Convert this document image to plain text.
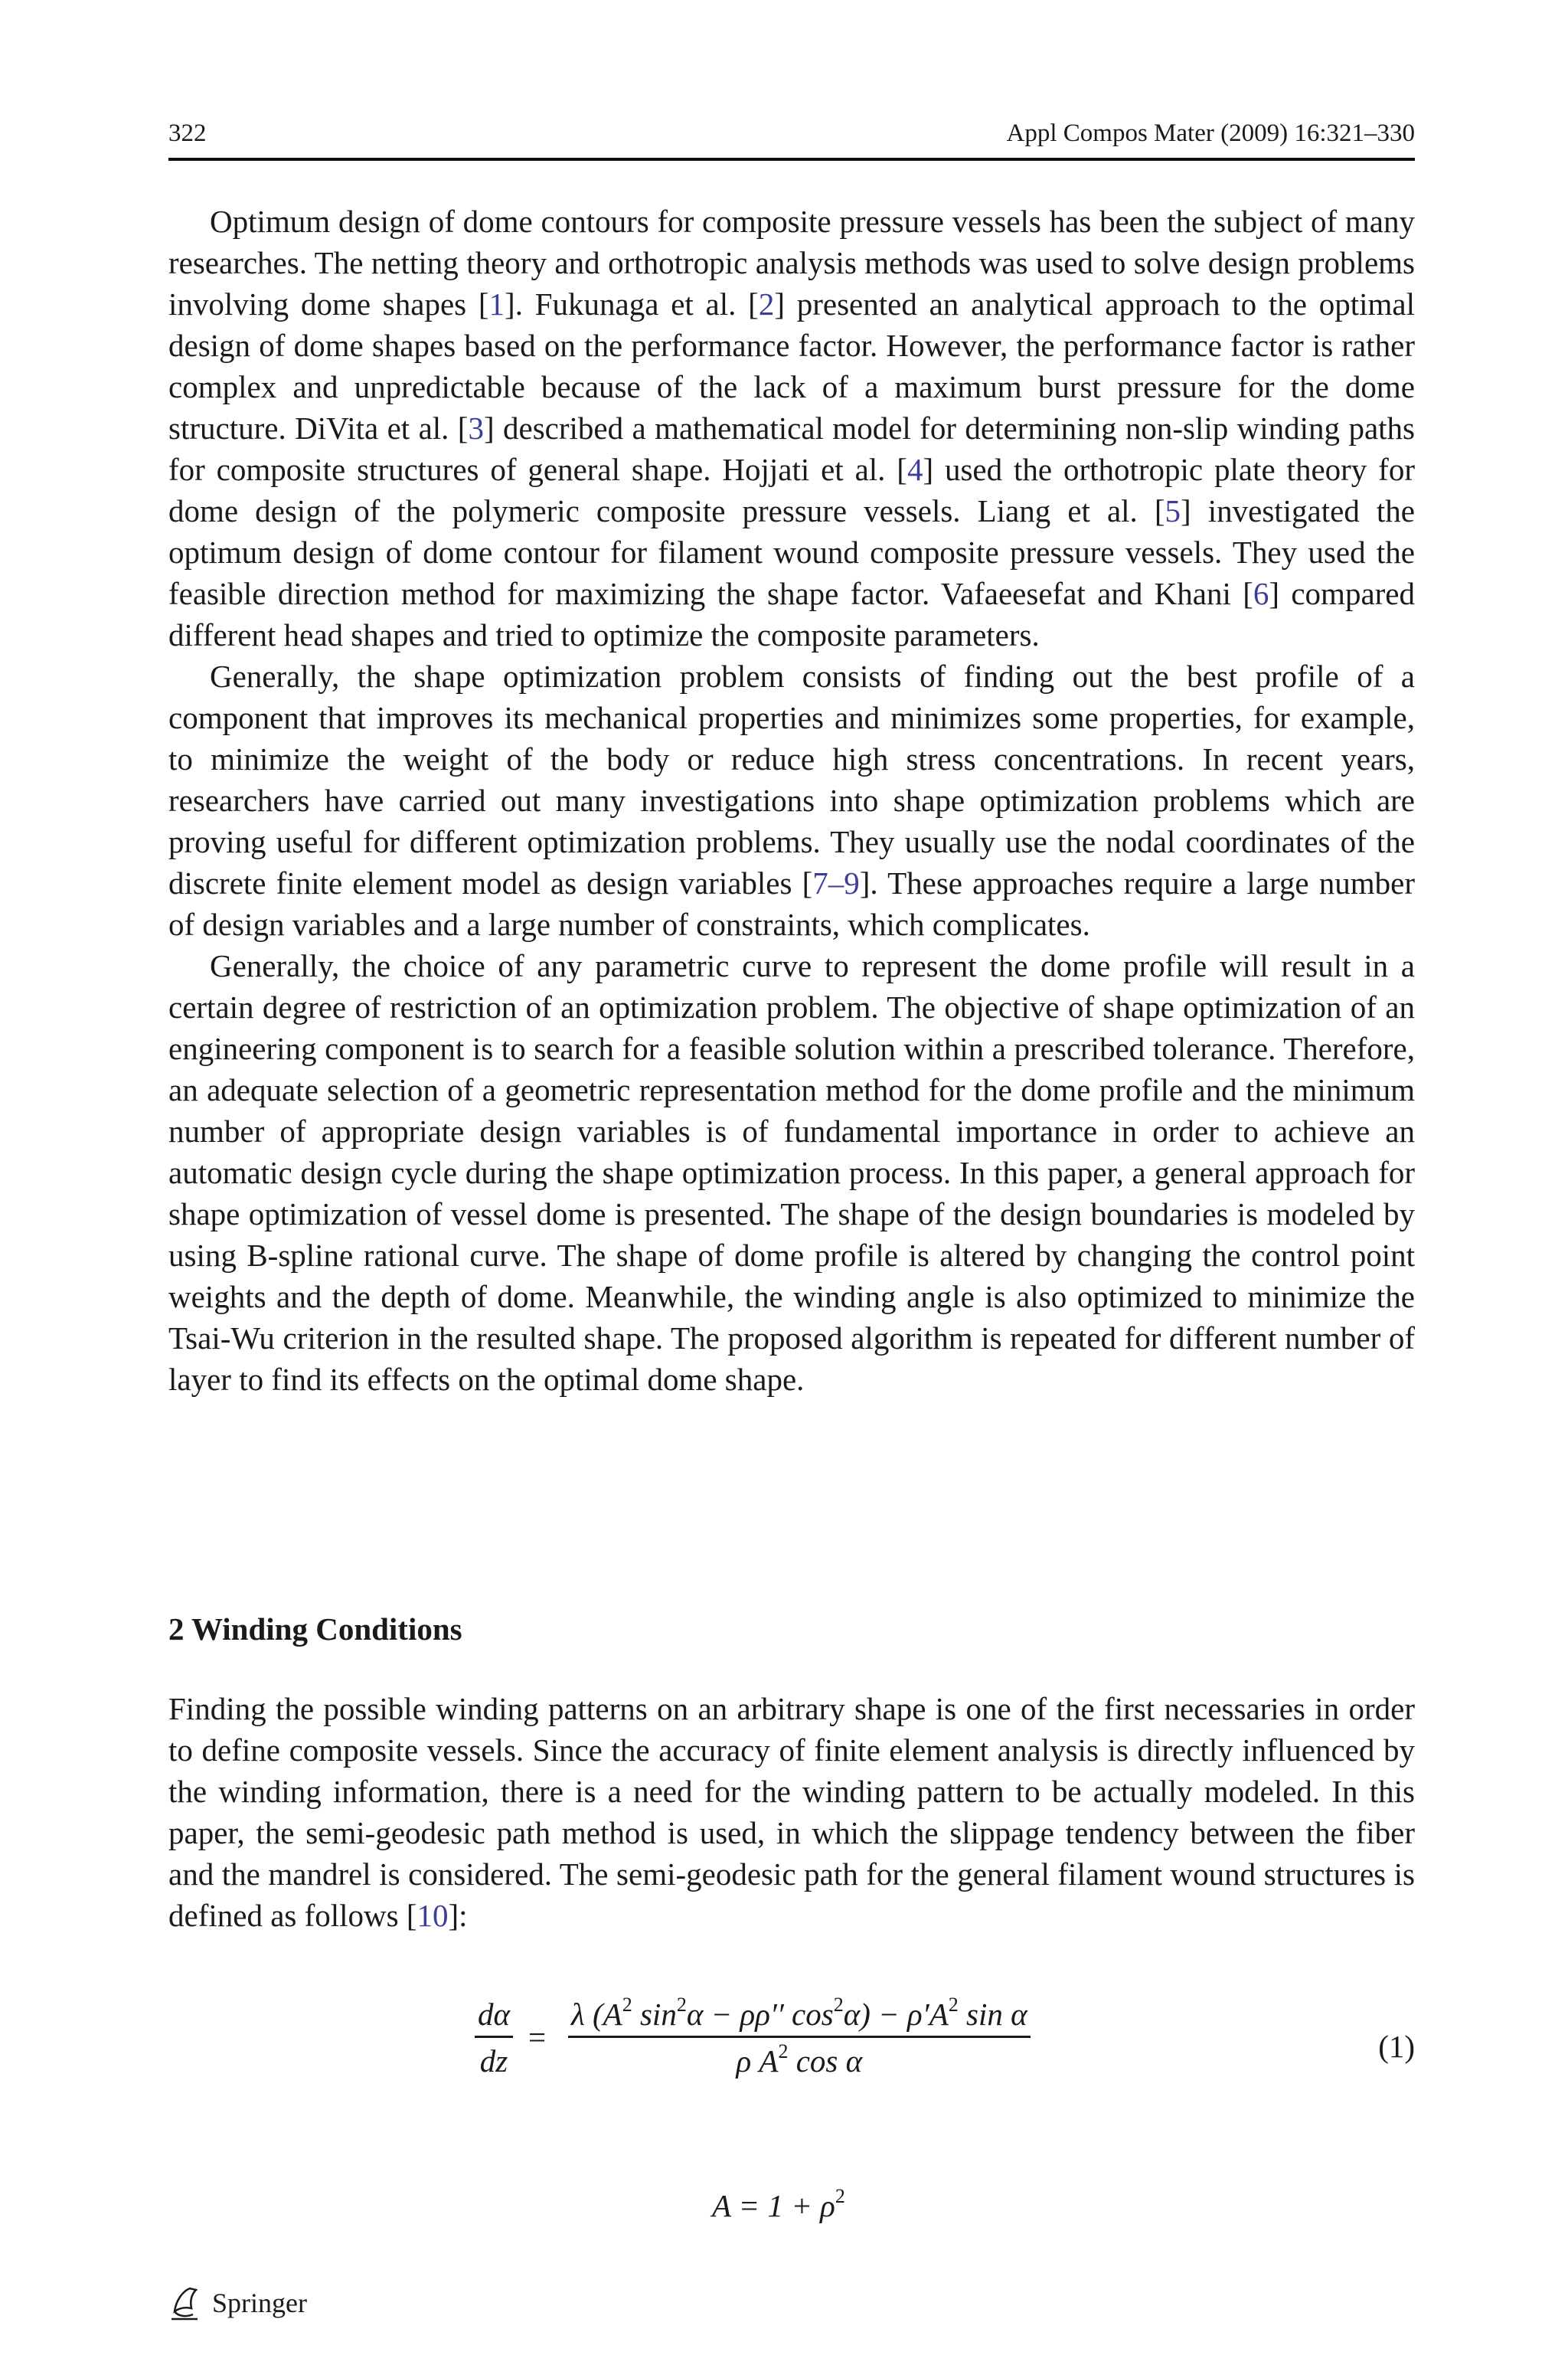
322	Appl Compos Mater (2009) 16:321–330

Optimum design of dome contours for composite pressure vessels has been the subject of many researches. The netting theory and orthotropic analysis methods was used to solve design problems involving dome shapes [1]. Fukunaga et al. [2] presented an analytical approach to the optimal design of dome shapes based on the performance factor. However, the performance factor is rather complex and unpredictable because of the lack of a maximum burst pressure for the dome structure. DiVita et al. [3] described a mathematical model for determining non-slip winding paths for composite structures of general shape. Hojjati et al. [4] used the orthotropic plate theory for dome design of the polymeric composite pressure vessels. Liang et al. [5] investigated the optimum design of dome contour for filament wound composite pressure vessels. They used the feasible direction method for maximizing the shape factor. Vafaeesefat and Khani [6] compared different head shapes and tried to optimize the composite parameters.

Generally, the shape optimization problem consists of finding out the best profile of a component that improves its mechanical properties and minimizes some properties, for example, to minimize the weight of the body or reduce high stress concentrations. In recent years, researchers have carried out many investigations into shape optimization problems which are proving useful for different optimization problems. They usually use the nodal coordinates of the discrete finite element model as design variables [7–9]. These approaches require a large number of design variables and a large number of constraints, which complicates.

Generally, the choice of any parametric curve to represent the dome profile will result in a certain degree of restriction of an optimization problem. The objective of shape optimization of an engineering component is to search for a feasible solution within a prescribed tolerance. Therefore, an adequate selection of a geometric representation method for the dome profile and the minimum number of appropriate design variables is of fundamental importance in order to achieve an automatic design cycle during the shape optimization process. In this paper, a general approach for shape optimization of vessel dome is presented. The shape of the design boundaries is modeled by using B-spline rational curve. The shape of dome profile is altered by changing the control point weights and the depth of dome. Meanwhile, the winding angle is also optimized to minimize the Tsai-Wu criterion in the resulted shape. The proposed algorithm is repeated for different number of layer to find its effects on the optimal dome shape.

2 Winding Conditions

Finding the possible winding patterns on an arbitrary shape is one of the first necessaries in order to define composite vessels. Since the accuracy of finite element analysis is directly influenced by the winding information, there is a need for the winding pattern to be actually modeled. In this paper, the semi-geodesic path method is used, in which the slippage tendency between the fiber and the mandrel is considered. The semi-geodesic path for the general filament wound structures is defined as follows [10]:

$\frac{d\alpha}{dz} = \frac{\lambda (A^2 \sin^2\alpha - \rho\rho'' \cos^2\alpha) - \rho'A^2 \sin \alpha}{\rho A^2 \cos \alpha}$	(1)
$A = 1 + \rho^2$
Springer
